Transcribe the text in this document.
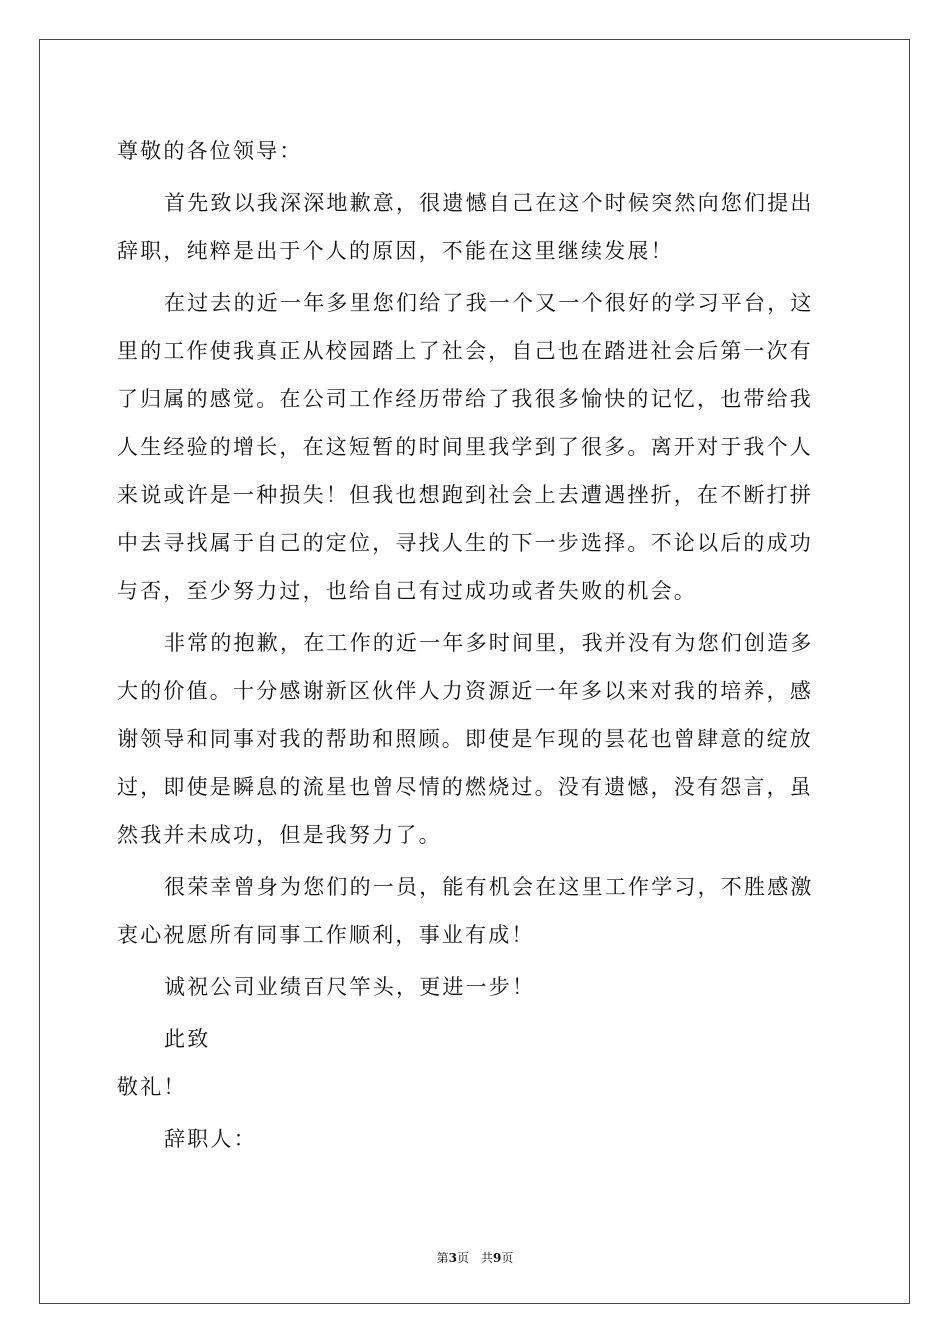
尊敬的各位领导：
首先致以我深深地歉意，很遗憾自己在这个时候突然向您们提出
辞职，纯粹是出于个人的原因，不能在这里继续发展！
在过去的近一年多里您们给了我一个又一个很好的学习平台，这
里的工作使我真正从校园踏上了社会，自己也在踏进社会后第一次有
了归属的感觉。在公司工作经历带给了我很多愉快的记忆，也带给我
人生经验的增长，在这短暂的时间里我学到了很多。离开对于我个人
来说或许是一种损失！但我也想跑到社会上去遭遇挫折，在不断打拼
中去寻找属于自己的定位，寻找人生的下一步选择。不论以后的成功
与否，至少努力过，也给自己有过成功或者失败的机会。
非常的抱歉，在工作的近一年多时间里，我并没有为您们创造多
大的价值。十分感谢新区伙伴人力资源近一年多以来对我的培养，感
谢领导和同事对我的帮助和照顾。即使是乍现的昙花也曾肆意的绽放
过，即使是瞬息的流星也曾尽情的燃烧过。没有遗憾，没有怨言，虽
然我并未成功，但是我努力了。
很荣幸曾身为您们的一员，能有机会在这里工作学习，不胜感激
衷心祝愿所有同事工作顺利，事业有成！
诚祝公司业绩百尺竿头，更进一步！
此致
敬礼！
辞职人：
第3页 共9页
